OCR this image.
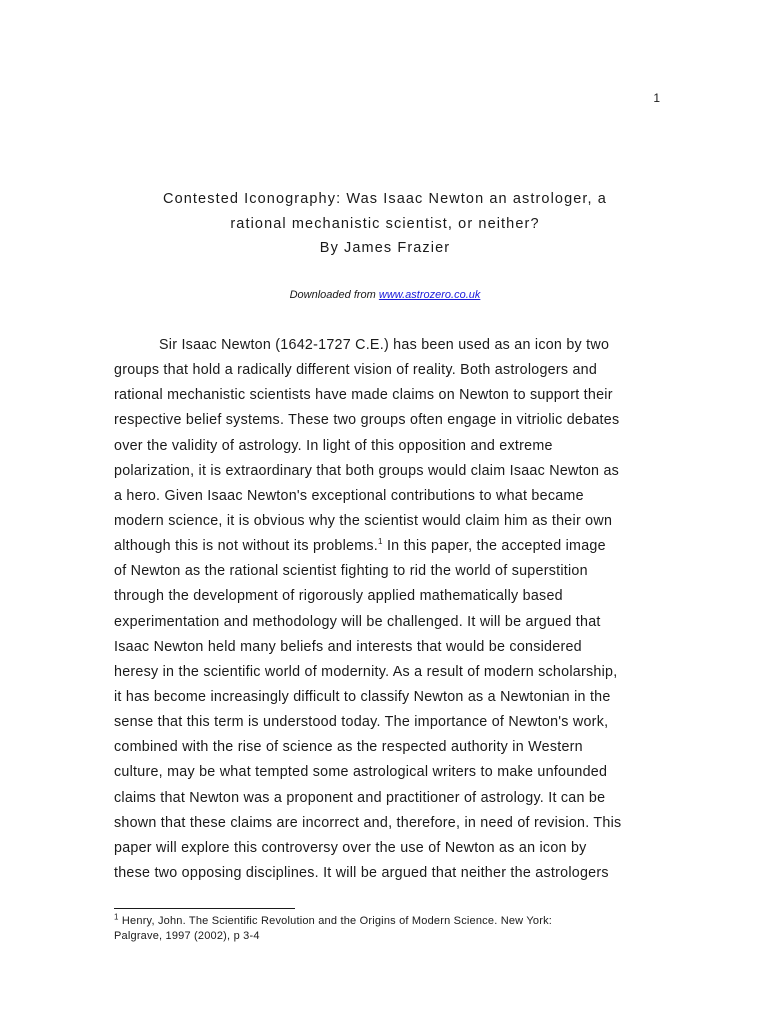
1
Contested Iconography: Was Isaac Newton an astrologer, a
rational mechanistic scientist, or neither?
By James Frazier
Downloaded from www.astrozero.co.uk
Sir Isaac Newton (1642-1727 C.E.) has been used as an icon by two
groups that hold a radically different vision of reality. Both astrologers and
rational mechanistic scientists have made claims on Newton to support their
respective belief systems. These two groups often engage in vitriolic debates
over the validity of astrology. In light of this opposition and extreme
polarization, it is extraordinary that both groups would claim Isaac Newton as
a hero. Given Isaac Newton's exceptional contributions to what became
modern science, it is obvious why the scientist would claim him as their own
although this is not without its problems.$^1$ In this paper, the accepted image
of Newton as the rational scientist fighting to rid the world of superstition
through the development of rigorously applied mathematically based
experimentation and methodology will be challenged. It will be argued that
Isaac Newton held many beliefs and interests that would be considered
heresy in the scientific world of modernity. As a result of modern scholarship,
it has become increasingly difficult to classify Newton as a Newtonian in the
sense that this term is understood today. The importance of Newton's work,
combined with the rise of science as the respected authority in Western
culture, may be what tempted some astrological writers to make unfounded
claims that Newton was a proponent and practitioner of astrology. It can be
shown that these claims are incorrect and, therefore, in need of revision. This
paper will explore this controversy over the use of Newton as an icon by
these two opposing disciplines. It will be argued that neither the astrologers
$^1$ Henry, John. The Scientific Revolution and the Origins of Modern Science. New York:
Palgrave, 1997 (2002), p 3-4
